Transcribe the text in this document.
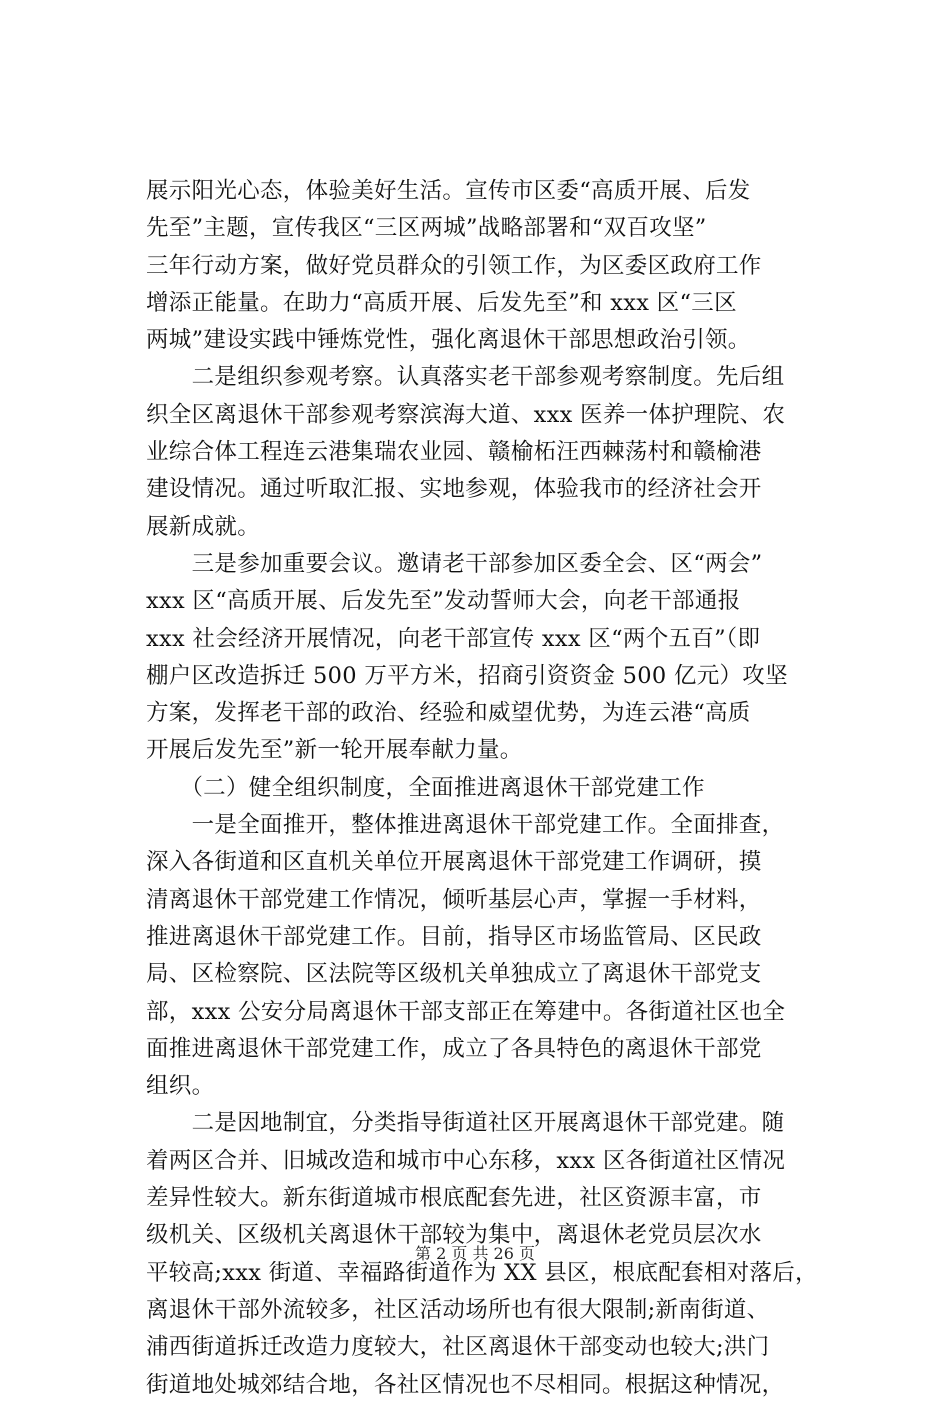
展示阳光心态，体验美好生活。宣传市区委“高质开展、后发
先至”主题，宣传我区“三区两城”战略部署和“双百攻坚”
三年行动方案，做好党员群众的引领工作，为区委区政府工作
增添正能量。在助力“高质开展、后发先至”和 xxx 区“三区
两城”建设实践中锤炼党性，强化离退休干部思想政治引领。
　　二是组织参观考察。认真落实老干部参观考察制度。先后组
织全区离退休干部参观考察滨海大道、xxx 医养一体护理院、农
业综合体工程连云港集瑞农业园、赣榆柘汪西棘荡村和赣榆港
建设情况。通过听取汇报、实地参观，体验我市的经济社会开
展新成就。
　　三是参加重要会议。邀请老干部参加区委全会、区“两会”
xxx 区“高质开展、后发先至”发动誓师大会，向老干部通报
xxx 社会经济开展情况，向老干部宣传 xxx 区“两个五百”（即
棚户区改造拆迁 500 万平方米，招商引资资金 500 亿元）攻坚
方案，发挥老干部的政治、经验和威望优势，为连云港“高质
开展后发先至”新一轮开展奉献力量。
　　（二）健全组织制度，全面推进离退休干部党建工作
　　一是全面推开，整体推进离退休干部党建工作。全面排查，
深入各街道和区直机关单位开展离退休干部党建工作调研，摸
清离退休干部党建工作情况，倾听基层心声，掌握一手材料，
推进离退休干部党建工作。目前，指导区市场监管局、区民政
局、区检察院、区法院等区级机关单独成立了离退休干部党支
部，xxx 公安分局离退休干部支部正在筹建中。各街道社区也全
面推进离退休干部党建工作，成立了各具特色的离退休干部党
组织。
　　二是因地制宜，分类指导街道社区开展离退休干部党建。随
着两区合并、旧城改造和城市中心东移，xxx 区各街道社区情况
差异性较大。新东街道城市根底配套先进，社区资源丰富，市
级机关、区级机关离退休干部较为集中，离退休老党员层次水
平较高;xxx 街道、幸福路街道作为 XX 县区，根底配套相对落后，
离退休干部外流较多，社区活动场所也有很大限制;新南街道、
浦西街道拆迁改造力度较大，社区离退休干部变动也较大;洪门
街道地处城郊结合地，各社区情况也不尽相同。根据这种情况，
第 2 页 共 26 页
